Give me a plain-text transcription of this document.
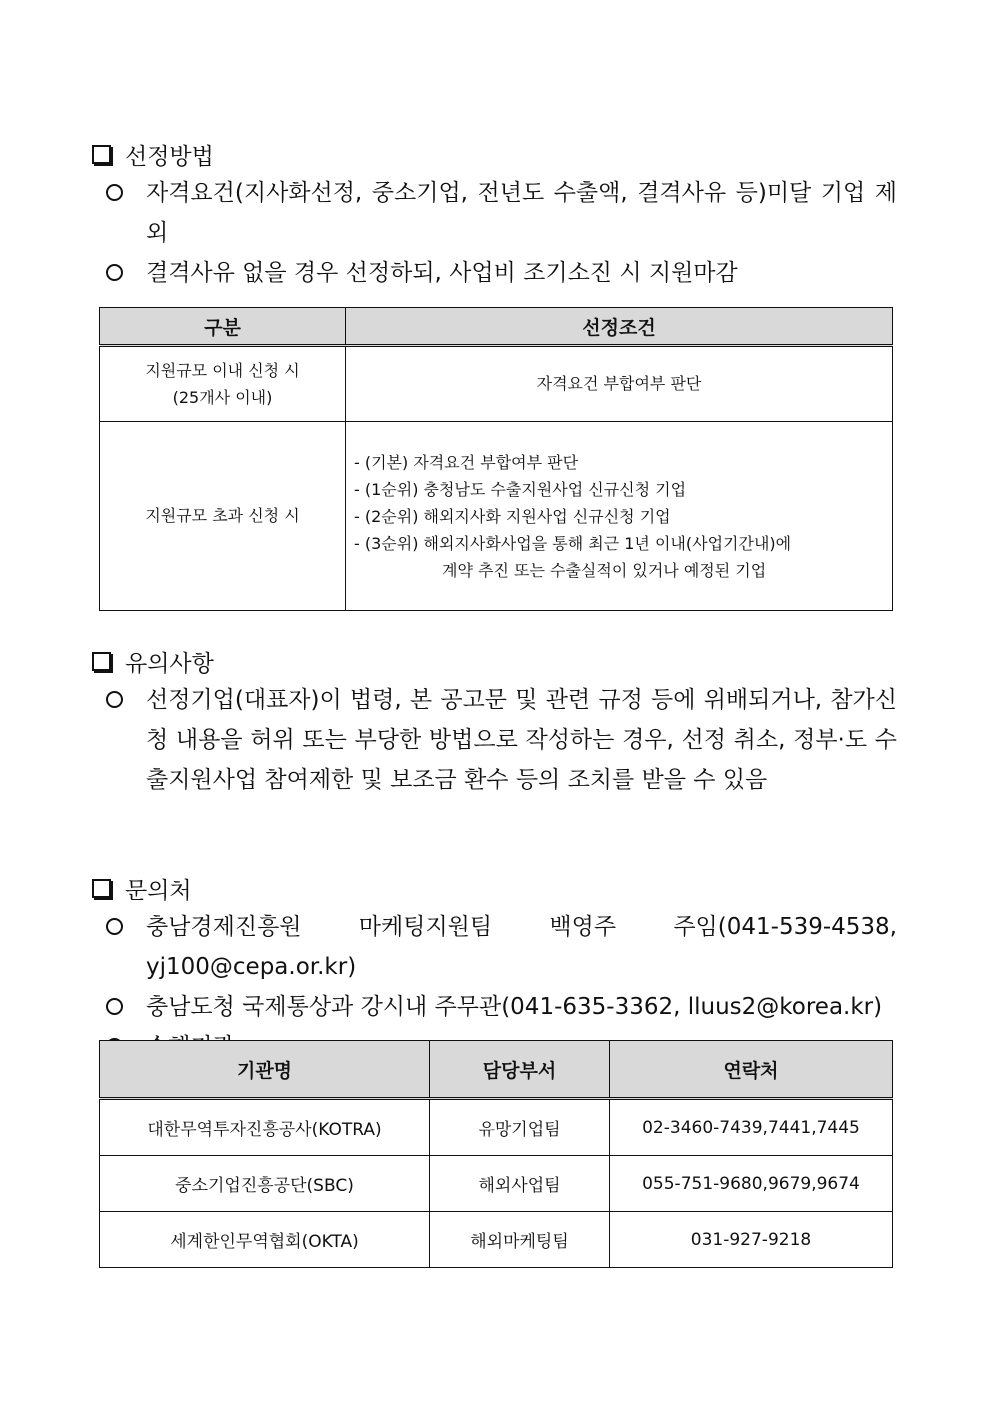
선정방법
자격요건(지사화선정, 중소기업, 전년도 수출액, 결격사유 등)미달 기업 제외
결격사유 없을 경우 선정하되, 사업비 조기소진 시 지원마감
구분	선정조건

지원규모 이내 신청 시
(25개사 이내)	자격요건 부합여부 판단
지원규모 초과 신청 시	- (기본) 자격요건 부합여부 판단
- (1순위) 충청남도 수출지원사업 신규신청 기업
- (2순위) 해외지사화 지원사업 신규신청 기업
- (3순위) 해외지사화사업을 통해 최근 1년 이내(사업기간내)에
계약 추진 또는 수출실적이 있거나 예정된 기업
유의사항
선정기업(대표자)이 법령, 본 공고문 및 관련 규정 등에 위배되거나, 참가신청 내용을 허위 또는 부당한 방법으로 작성하는 경우, 선정 취소, 정부·도 수출지원사업 참여제한 및 보조금 환수 등의 조치를 받을 수 있음
문의처
충남경제진흥원 마케팅지원팀 백영주 주임(041-539-4538, yj100@cepa.or.kr)
충남도청 국제통상과 강시내 주무관(041-635-3362, lluus2@korea.kr)
기관명	담당부서	연락처
대한무역투자진흥공사(KOTRA)	유망기업팀	02-3460-7439,7441,7445
중소기업진흥공단(SBC)	해외사업팀	055-751-9680,9679,9674
세계한인무역협회(OKTA)	해외마케팅팀	031-927-9218
